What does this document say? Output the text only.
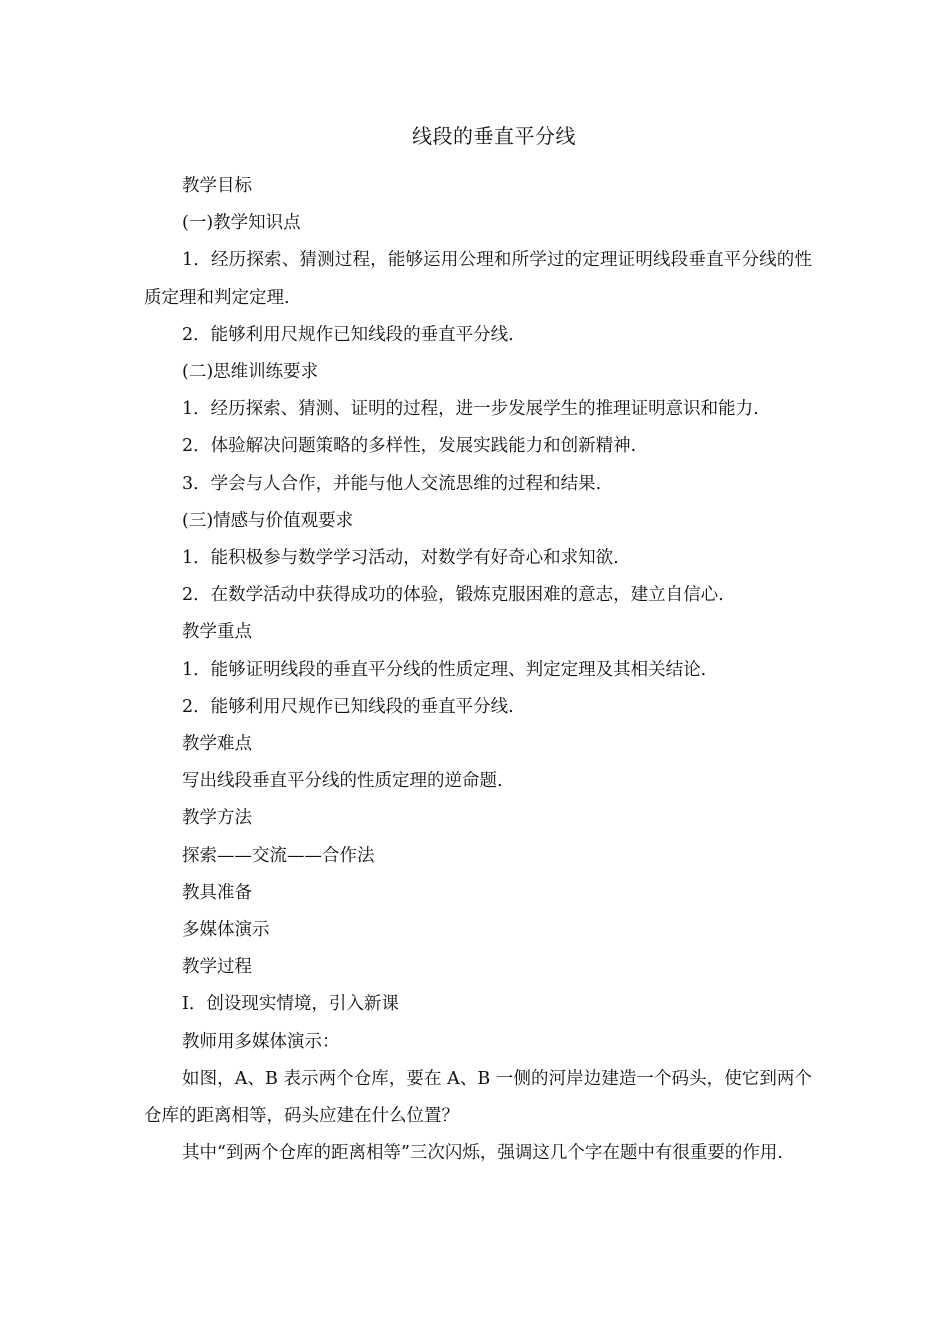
线段的垂直平分线

教学目标

(一)教学知识点

1．经历探索、猜测过程，能够运用公理和所学过的定理证明线段垂直平分线的性质定理和判定定理.

2．能够利用尺规作已知线段的垂直平分线.

(二)思维训练要求

1．经历探索、猜测、证明的过程，进一步发展学生的推理证明意识和能力.

2．体验解决问题策略的多样性，发展实践能力和创新精神.

3．学会与人合作，并能与他人交流思维的过程和结果.

(三)情感与价值观要求

1．能积极参与数学学习活动，对数学有好奇心和求知欲.

2．在数学活动中获得成功的体验，锻炼克服困难的意志，建立自信心.

教学重点

1．能够证明线段的垂直平分线的性质定理、判定定理及其相关结论.

2．能够利用尺规作已知线段的垂直平分线.

教学难点

写出线段垂直平分线的性质定理的逆命题.

教学方法

探索——交流——合作法

教具准备

多媒体演示

教学过程

Ⅰ．创设现实情境，引入新课

教师用多媒体演示：

如图，A、B 表示两个仓库，要在 A、B 一侧的河岸边建造一个码头，使它到两个仓库的距离相等，码头应建在什么位置？

其中“到两个仓库的距离相等”三次闪烁，强调这几个字在题中有很重要的作用.
